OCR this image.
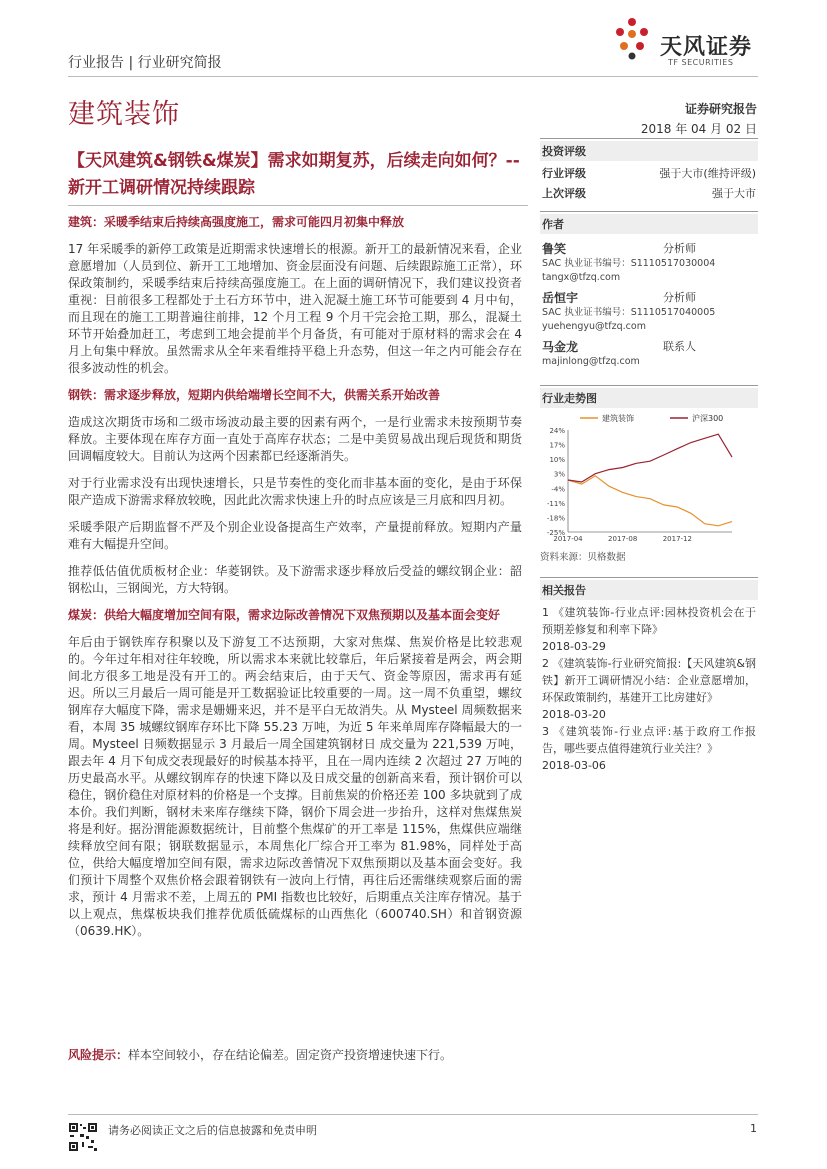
天风证券
TF SECURITIES
行业报告 | 行业研究简报
建筑装饰	证券研究报告
2018 年 04 月 02 日
【天风建筑&钢铁&煤炭】需求如期复苏，后续走向如何？--新开工调研情况持续跟踪

建筑：采暖季结束后持续高强度施工，需求可能四月初集中释放

17 年采暖季的新停工政策是近期需求快速增长的根源。新开工的最新情况来看，企业意愿增加（人员到位、新开工工地增加、资金层面没有问题、后续跟踪施工正常），环保政策制约，采暖季结束后持续高强度施工。在上面的调研情况下，我们建议投资者重视：目前很多工程都处于土石方环节中，进入泥凝土施工环节可能要到 4 月中旬，而且现在的施工工期普遍往前排，12 个月工程 9 个月干完会抢工期，那么，混凝土环节开始叠加赶工，考虑到工地会提前半个月备货，有可能对于原材料的需求会在 4 月上旬集中释放。虽然需求从全年来看维持平稳上升态势，但这一年之内可能会存在很多波动性的机会。

钢铁：需求逐步释放，短期内供给端增长空间不大，供需关系开始改善

造成这次期货市场和二级市场波动最主要的因素有两个，一是行业需求未按预期节奏释放。主要体现在库存方面一直处于高库存状态；二是中美贸易战出现后现货和期货回调幅度较大。目前认为这两个因素都已经逐渐消失。

对于行业需求没有出现快速增长，只是节奏性的变化而非基本面的变化，是由于环保限产造成下游需求释放较晚，因此此次需求快速上升的时点应该是三月底和四月初。

采暖季限产后期监督不严及个别企业设备提高生产效率，产量提前释放。短期内产量难有大幅提升空间。

推荐低估值优质板材企业：华菱钢铁。及下游需求逐步释放后受益的螺纹钢企业：韶钢松山，三钢闽光，方大特钢。

煤炭：供给大幅度增加空间有限，需求边际改善情况下双焦预期以及基本面会变好

年后由于钢铁库存积聚以及下游复工不达预期，大家对焦煤、焦炭价格是比较悲观的。今年过年相对往年较晚，所以需求本来就比较靠后，年后紧接着是两会，两会期间北方很多工地是没有开工的。两会结束后，由于天气、资金等原因，需求再有延迟。所以三月最后一周可能是开工数据验证比较重要的一周。这一周不负重望，螺纹钢库存大幅度下降，需求是姗姗来迟，并不是平白无故消失。从 Mysteel 周频数据来看，本周 35 城螺纹钢库存环比下降 55.23 万吨，为近 5 年来单周库存降幅最大的一周。Mysteel 日频数据显示 3 月最后一周全国建筑钢材日 成交量为 221,539 万吨，跟去年 4 月下旬成交表现最好的时候基本持平，且在一周内连续 2 次超过 27 万吨的历史最高水平。从螺纹钢库存的快速下降以及日成交量的创新高来看，预计钢价可以稳住，钢价稳住对原材料的价格是一个支撑。目前焦炭的价格还差 100 多块就到了成本价。我们判断，钢材未来库存继续下降，钢价下周会进一步抬升，这样对焦煤焦炭将是利好。据汾渭能源数据统计，目前整个焦煤矿的开工率是 115%，焦煤供应端继续释放空间有限；钢联数据显示，本周焦化厂综合开工率为 81.98%，同样处于高位，供给大幅度增加空间有限，需求边际改善情况下双焦预期以及基本面会变好。我们预计下周整个双焦价格会跟着钢铁有一波向上行情，再往后还需继续观察后面的需求，预计 4 月需求不差，上周五的 PMI 指数也比较好，后期重点关注库存情况。基于以上观点，焦煤板块我们推荐优质低硫煤标的山西焦化（600740.SH）和首钢资源（0639.HK）。

风险提示：样本空间较小，存在结论偏差。固定资产投资增速快速下行。
投资评级
行业评级	强于大市(维持评级)
上次评级	强于大市
作者
鲁笑	分析师
SAC 执业证书编号：S1110517030004
tangx@tfzq.com
岳恒宇	分析师
SAC 执业证书编号：S1110517040005
yuehengyu@tfzq.com
马金龙	联系人
majinlong@tfzq.com
行业走势图
24%
17%
10%
3%
-4%
-11%
-18%
-25%
2017-04	2017-08	2017-12
建筑装饰	沪深300
资料来源：贝格数据
相关报告
1 《建筑装饰-行业点评:园林投资机会在于预期差修复和利率下降》
2018-03-29
2 《建筑装饰-行业研究简报:【天风建筑&钢铁】新开工调研情况小结：企业意愿增加，环保政策制约，基建开工比房建好》
2018-03-20
3 《建筑装饰-行业点评:基于政府工作报告，哪些要点值得建筑行业关注？》
2018-03-06
请务必阅读正文之后的信息披露和免责申明	1
